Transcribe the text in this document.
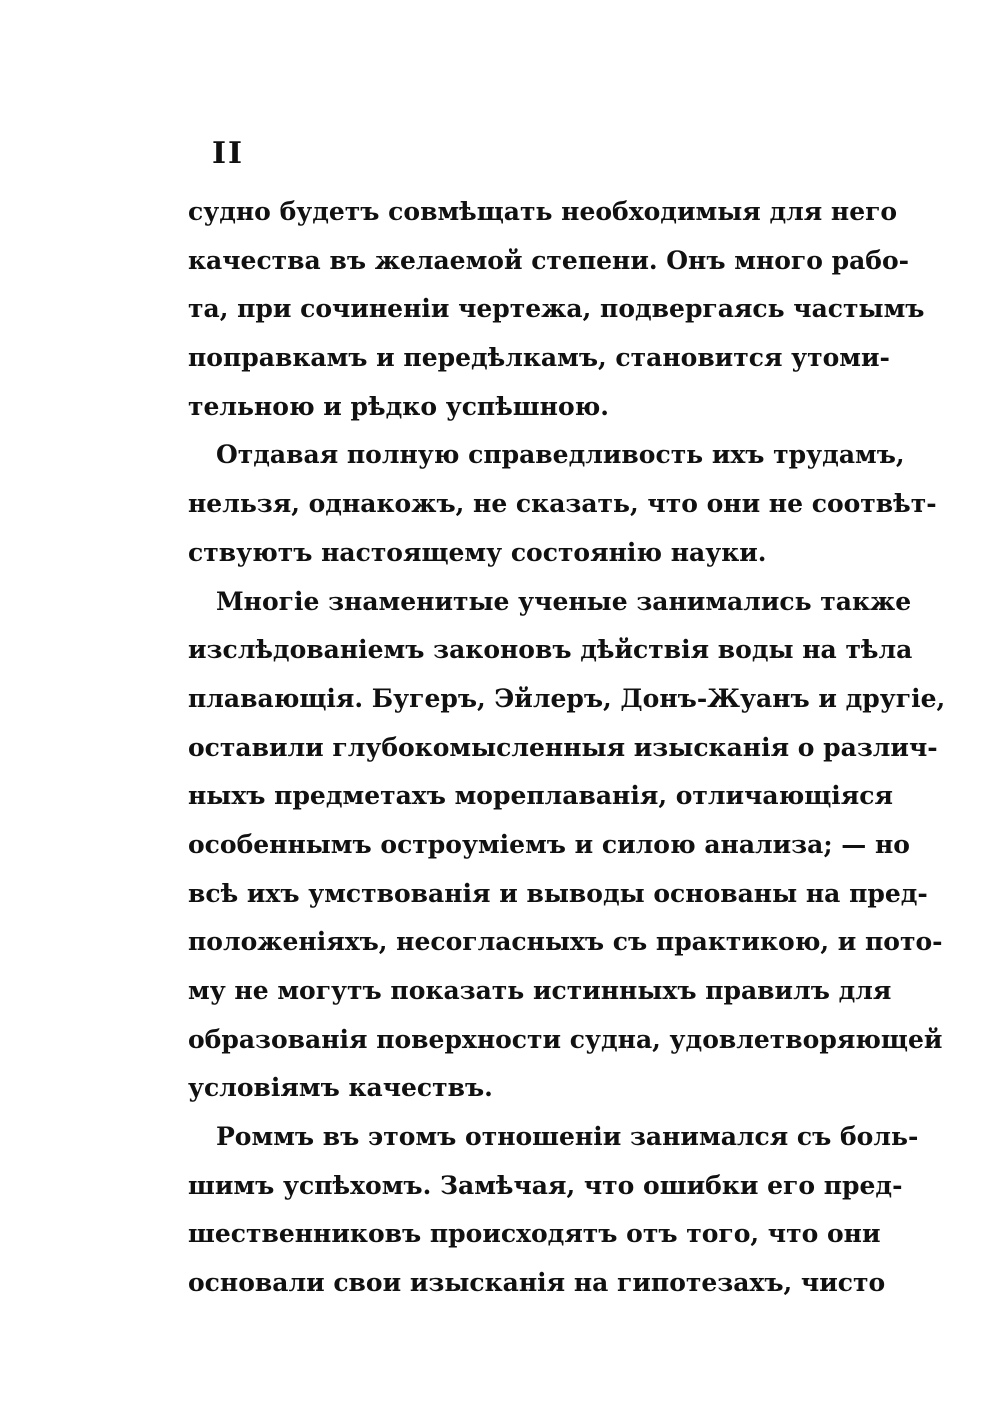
II
судно будетъ совмѣщать необходимыя для него
качества въ желаемой степени. Онъ много рабо-
та, при сочиненіи чертежа, подвергаясь частымъ
поправкамъ и передѣлкамъ, становится утоми-
тельною и рѣдко успѣшною.
Отдавая полную справедливость ихъ трудамъ,
нельзя, однакожъ, не сказать, что они не соотвѣт-
ствуютъ настоящему состоянію науки.
Многіе знаменитые ученые занимались также
изслѣдованіемъ законовъ дѣйствія воды на тѣла
плавающія. Бугеръ, Эйлеръ, Донъ-Жуанъ и другіе,
оставили глубокомысленныя изысканія о различ-
ныхъ предметахъ мореплаванія, отличающіяся
особеннымъ остроуміемъ и силою анализа; — но
всѣ ихъ умствованія и выводы основаны на пред-
положеніяхъ, несогласныхъ съ практикою, и пото-
му не могутъ показать истинныхъ правилъ для
образованія поверхности судна, удовлетворяющей
условіямъ качествъ.
Роммъ въ этомъ отношеніи занимался съ боль-
шимъ успѣхомъ. Замѣчая, что ошибки его пред-
шественниковъ происходятъ отъ того, что они
основали свои изысканія на гипотезахъ, чисто
